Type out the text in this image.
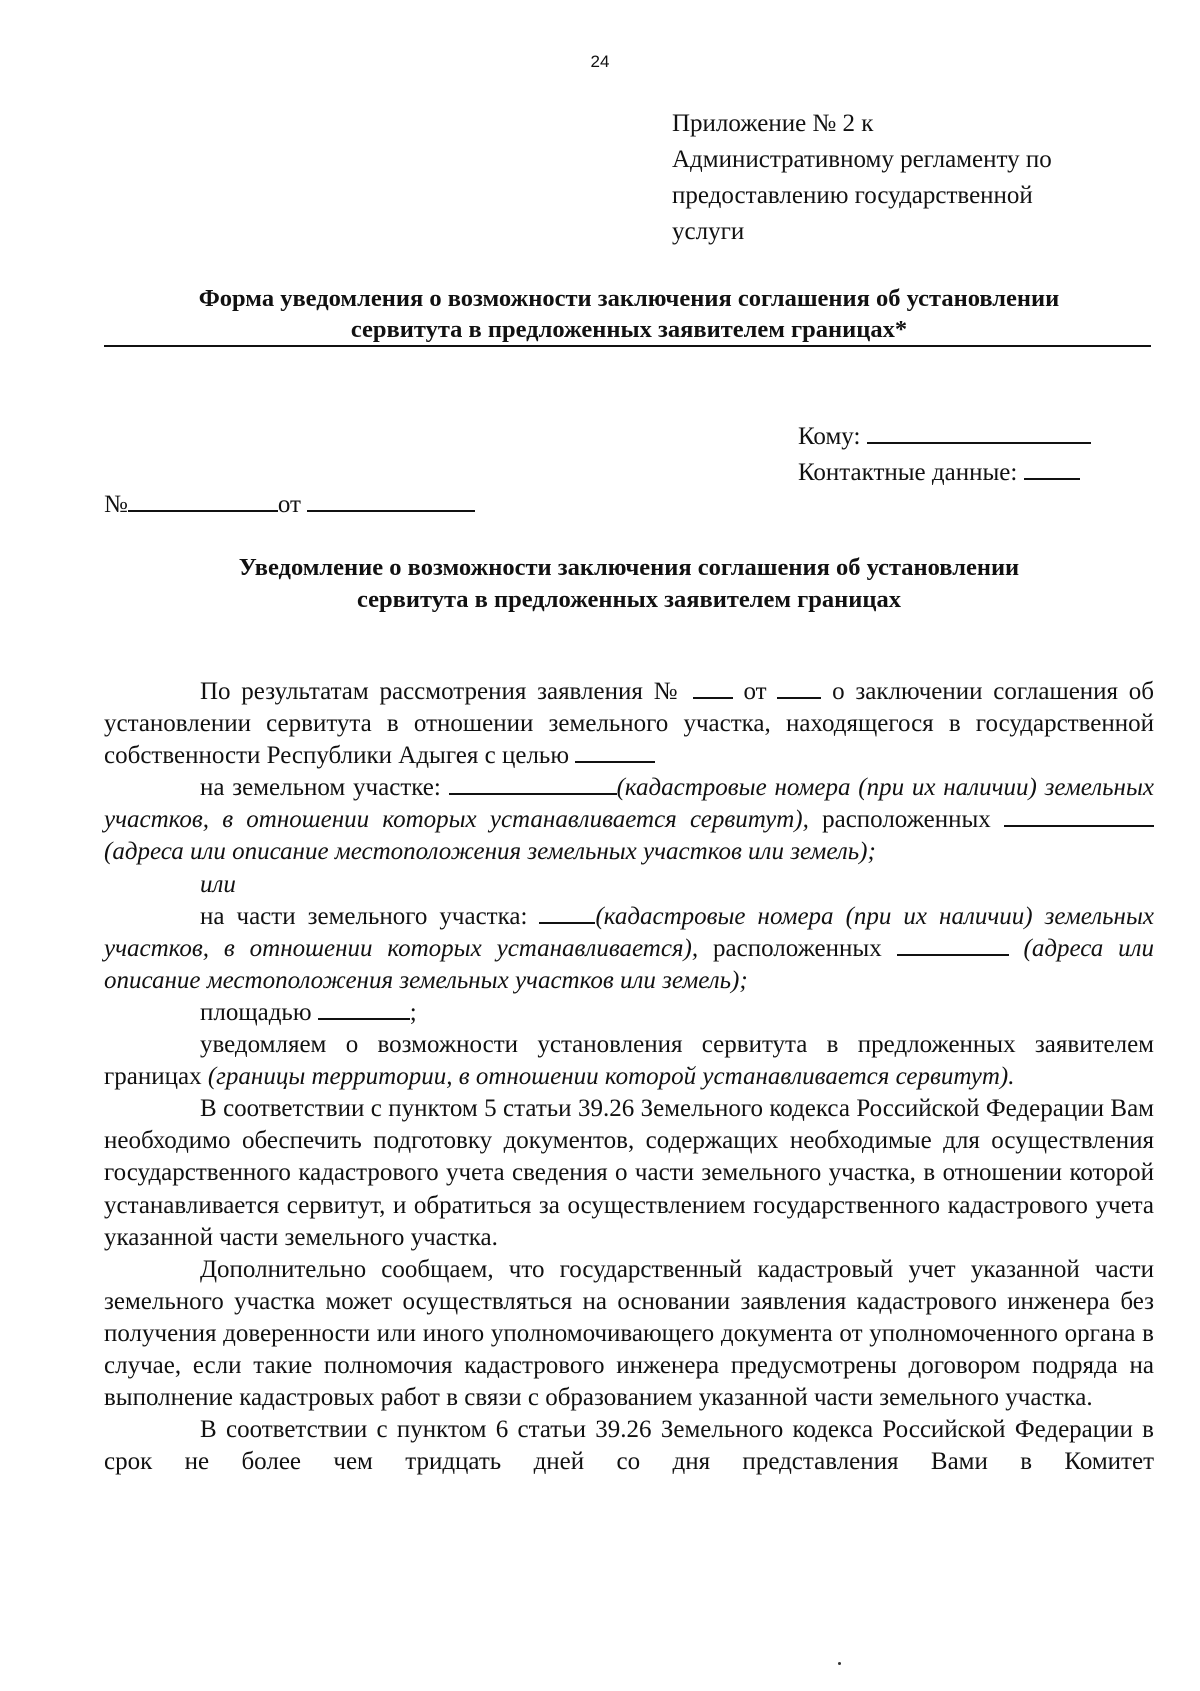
24
Приложение № 2 к
Административному регламенту по
предоставлению государственной
услуги
Форма уведомления о возможности заключения соглашения об установлении
сервитута в предложенных заявителем границах*
Кому:
Контактные данные:
№	от
Уведомление о возможности заключения соглашения об установлении
сервитута в предложенных заявителем границах

По результатам рассмотрения заявления № от	о заключении соглашения об установлении сервитута в отношении земельного участка, находящегося в государственной собственности Республики Адыгея с целью

на земельном участке:	(кадастровые номера (при их наличии) земельных участков, в отношении которых устанавливается сервитут), расположенных (адреса или описание местоположения земельных участков или земель);

или

на части земельного участка:	(кадастровые номера (при их наличии) земельных участков, в отношении которых устанавливается), расположенных	(адреса или описание местоположения земельных участков или земель);

площадью	;

уведомляем о возможности установления сервитута в предложенных заявителем границах (границы территории, в отношении которой устанавливается сервитут).

В соответствии с пунктом 5 статьи 39.26 Земельного кодекса Российской Федерации Вам необходимо обеспечить подготовку документов, содержащих необходимые для осуществления государственного кадастрового учета сведения о части земельного участка, в отношении которой устанавливается сервитут, и обратиться за осуществлением государственного кадастрового учета указанной части земельного участка.

Дополнительно сообщаем, что государственный кадастровый учет указанной части земельного участка может осуществляться на основании заявления кадастрового инженера без получения доверенности или иного уполномочивающего документа от уполномоченного органа в случае, если такие полномочия кадастрового инженера предусмотрены договором подряда на выполнение кадастровых работ в связи с образованием указанной части земельного участка.

В соответствии с пунктом 6 статьи 39.26 Земельного кодекса Российской Федерации в срок не более чем тридцать дней со дня представления Вами в Комитет
